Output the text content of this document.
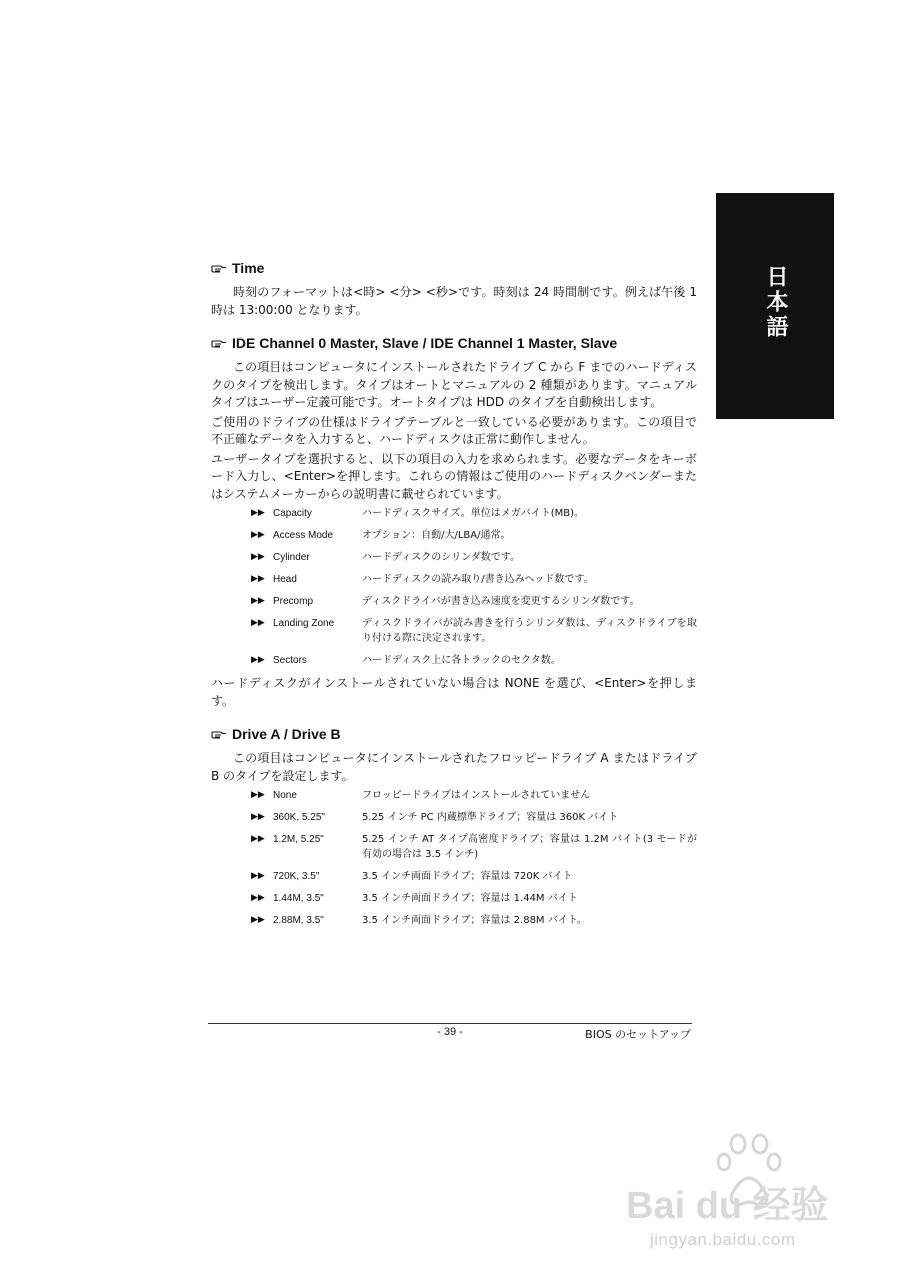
日本語
Time

時刻のフォーマットは<時> <分> <秒>です。時刻は 24 時間制です。例えば午後 1 時は 13:00:00 となります。

IDE Channel 0 Master, Slave / IDE Channel 1 Master, Slave

この項目はコンピュータにインストールされたドライブ C から F までのハードディスクのタイプを検出します。タイプはオートとマニュアルの 2 種類があります。マニュアルタイプはユーザー定義可能です。オートタイプは HDD のタイプを自動検出します。

ご使用のドライブの仕様はドライブテーブルと一致している必要があります。この項目で不正確なデータを入力すると、ハードディスクは正常に動作しません。

ユーザータイプを選択すると、以下の項目の入力を求められます。必要なデータをキーボード入力し、<Enter>を押します。これらの情報はご使用のハードディスクベンダーまたはシステムメーカーからの説明書に載せられています。

▶▶ Capacity	ハードディスクサイズ。単位はメガバイト(MB)。
▶▶ Access Mode	オプション：自動/大/LBA/通常。
▶▶ Cylinder	ハードディスクのシリンダ数です。
▶▶ Head	ハードディスクの読み取り/書き込みヘッド数です。
▶▶ Precomp	ディスクドライバが書き込み速度を変更するシリンダ数です。
▶▶ Landing Zone	ディスクドライバが読み書きを行うシリンダ数は、ディスクドライブを取り付ける際に決定されます。
▶▶ Sectors	ハードディスク上に各トラックのセクタ数。

ハードディスクがインストールされていない場合は NONE を選び、<Enter>を押します。

Drive A / Drive B

この項目はコンピュータにインストールされたフロッピードライブ A またはドライブ B のタイプを設定します。

▶▶ None	フロッピードライブはインストールされていません
▶▶ 360K, 5.25"	5.25 インチ PC 内蔵標準ドライブ；容量は 360K バイト
▶▶ 1.2M, 5.25"	5.25 インチ AT タイプ高密度ドライブ；容量は 1.2M バイト(3 モードが有効の場合は 3.5 インチ)
▶▶ 720K, 3.5"	3.5 インチ両面ドライブ；容量は 720K バイト
▶▶ 1.44M, 3.5"	3.5 インチ両面ドライブ；容量は 1.44M バイト
▶▶ 2.88M, 3.5"	3.5 インチ両面ドライブ；容量は 2.88M バイト。
- 39 -	BIOS のセットアップ
Bai du 经验
jingyan.baidu.com
